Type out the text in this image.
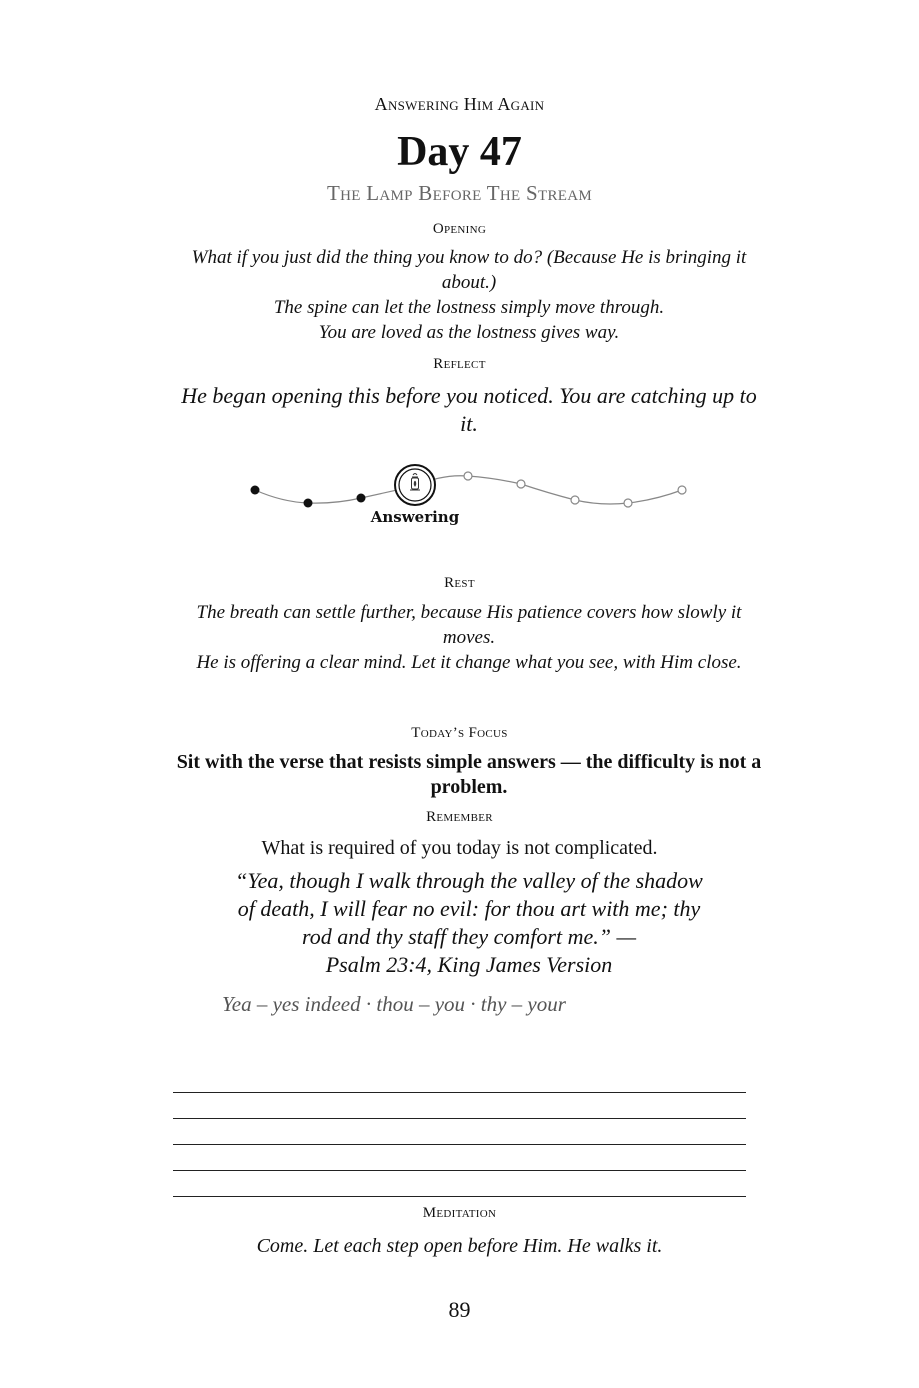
Answering Him Again
Day 47
The Lamp Before The Stream
Opening
What if you just did the thing you know to do? (Because He is bringing it about.)
The spine can let the lostness simply move through.
You are loved as the lostness gives way.
Reflect
He began opening this before you noticed. You are catching up to it.
Answering
Rest
The breath can settle further, because His patience covers how slowly it moves.
He is offering a clear mind. Let it change what you see, with Him close.
Today’s Focus
Sit with the verse that resists simple answers — the difficulty is not a problem.
Remember
What is required of you today is not complicated.
“Yea, though I walk through the valley of the shadow
of death, I will fear no evil: for thou art with me; thy
rod and thy staff they comfort me.” —
Psalm 23:4, King James Version
Yea – yes indeed · thou – you · thy – your
Meditation
Come. Let each step open before Him. He walks it.
89
